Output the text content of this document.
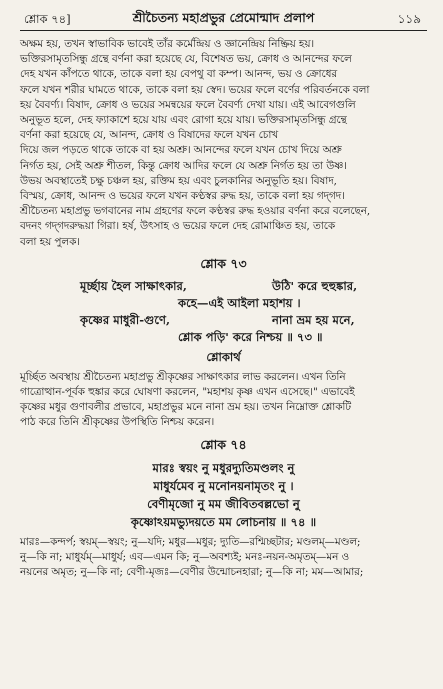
শ্লোক ৭৪]	শ্রীচৈতন্য মহাপ্রভুর প্রেমোন্মাদ প্রলাপ	১১৯
অক্ষম হয়, তখন স্বাভাবিক ভাবেই তাঁর কর্মেন্দ্রিয় ও জ্ঞানেন্দ্রিয় নিষ্ক্রিয় হয়।
ভক্তিরসামৃতসিন্ধু গ্রন্থে বর্ণনা করা হয়েছে যে, বিশেষত ভয়, ক্রোধ ও আনন্দের ফলে
দেহ যখন কাঁপতে থাকে, তাকে বলা হয় বেপথু বা কম্প। আনন্দ, ভয় ও ক্রোধের
ফলে যখন শরীর ঘামতে থাকে, তাকে বলা হয় স্বেদ। ভয়ের ফলে বর্ণের পরিবর্তনকে বলা
হয় বৈবর্ণ্য। বিষাদ, ক্রোধ ও ভয়ের সমন্বয়ের ফলে বৈবর্ণ্য দেখা যায়। এই আবেগগুলি
অনুভূত হলে, দেহ ফ্যাকাশে হয়ে যায় এবং রোগা হয়ে যায়। ভক্তিরসামৃতসিন্ধু গ্রন্থে
বর্ণনা করা হয়েছে যে, আনন্দ, ক্রোধ ও বিষাদের ফলে যখন চোখ
দিয়ে জল পড়তে থাকে তাকে বা হয় অশ্রু। আনন্দের ফলে যখন চোখ দিয়ে অশ্রু
নির্গত হয়, সেই অশ্রু শীতল, কিন্তু ক্রোধ আদির ফলে যে অশ্রু নির্গত হয় তা উষ্ণ।
উভয় অবস্থাতেই চক্ষু চঞ্চল হয়, রক্তিম হয় এবং চুলকানির অনুভূতি হয়। বিষাদ,
বিস্ময়, ক্রোধ, আনন্দ ও ভয়ের ফলে যখন কণ্ঠস্বর রুদ্ধ হয়, তাকে বলা হয় গদ্‌গদ।
শ্রীচৈতন্য মহাপ্রভু ভগবানের নাম গ্রহণের ফলে কণ্ঠস্বর রুদ্ধ হওয়ার বর্ণনা করে বলেছেন,
বদনং গদ্‌গদরুদ্ধয়া গিরা। হর্ষ, উৎসাহ ও ভয়ের ফলে দেহ রোমাঞ্চিত হয়, তাকে
বলা হয় পুলক।
শ্লোক ৭৩
মূর্চ্ছায় হৈল সাক্ষাৎকার,	উঠি' করে হুহুঙ্কার,
কহে—এই আইলা মহাশয় ।
কৃষ্ণের মাধুরী-গুণে,	নানা ভ্রম হয় মনে,
শ্লোক পড়ি' করে নিশ্চয় ॥ ৭৩ ॥
শ্লোকার্থ
মূর্চ্ছিত অবস্থায় শ্রীচৈতন্য মহাপ্রভু শ্রীকৃষ্ণের সাক্ষাৎকার লাভ করলেন। এখন তিনি
গাত্রোত্থান-পূর্বক হুঙ্কার করে ঘোষণা করলেন, "মহাশয় কৃষ্ণ এখন এসেছে।" এভাবেই
কৃষ্ণের মধুর গুণাবলীর প্রভাবে, মহাপ্রভুর মনে নানা ভ্রম হয়। তখন নিম্নোক্ত শ্লোকটি
পাঠ করে তিনি শ্রীকৃষ্ণের উপস্থিতি নিশ্চয় করেন।
শ্লোক ৭৪
মারঃ স্বয়ং নু মধুরদ্যুতিমণ্ডলং নু
মাধুর্যমেব নু মনোনয়নামৃতং নু ।
বেণীমৃজো নু মম জীবিতবল্লভো নু
কৃষ্ণোঽয়মভ্যুদয়তে মম লোচনায় ॥ ৭৪ ॥
মারঃ—কন্দর্প; স্বয়ম্—স্বয়ং; নু—যদি; মধুর—মধুর; দ্যুতি—রশ্মিচ্ছটার; মণ্ডলম্—মণ্ডল;
নু—কি না; মাধুর্যম্—মাধুর্য; এব—এমন কি; নু—অবশ্যই; মনঃ-নয়ন-অমৃতম্—মন ও
নয়নের অমৃত; নু—কি না; বেণী-মৃজঃ—বেণীর উন্মোচনহারা; নু—কি না; মম—আমার;
